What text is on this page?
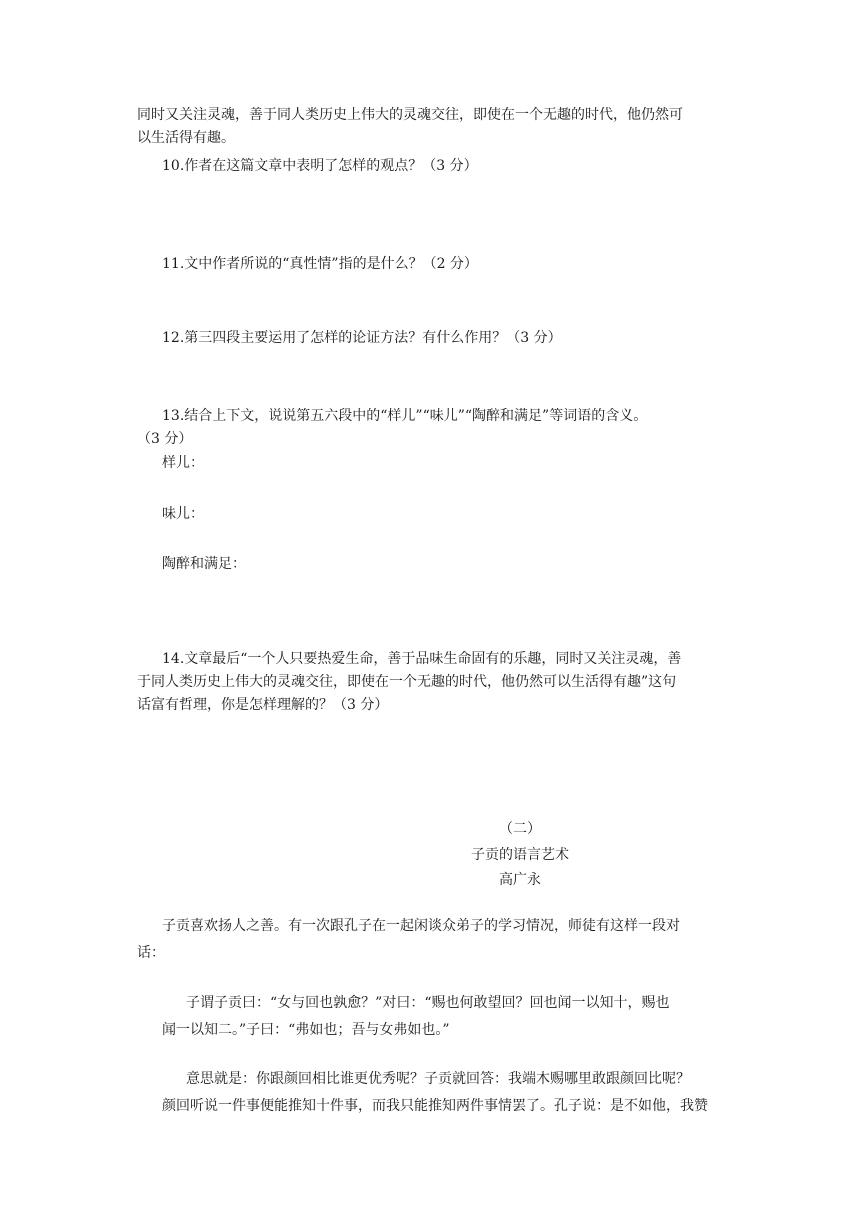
同时又关注灵魂，善于同人类历史上伟大的灵魂交往，即使在一个无趣的时代，他仍然可
以生活得有趣。
10.作者在这篇文章中表明了怎样的观点？（3 分）
11.文中作者所说的“真性情”指的是什么？（2 分）
12.第三四段主要运用了怎样的论证方法？有什么作用？（3 分）
13.结合上下文，说说第五六段中的“样儿”“味儿”“陶醉和满足”等词语的含义。
（3 分）
样儿：
味儿：
陶醉和满足：
14.文章最后“一个人只要热爱生命，善于品味生命固有的乐趣，同时又关注灵魂，善
于同人类历史上伟大的灵魂交往，即使在一个无趣的时代，他仍然可以生活得有趣”这句
话富有哲理，你是怎样理解的？（3 分）
（二）
子贡的语言艺术
高广永
子贡喜欢扬人之善。有一次跟孔子在一起闲谈众弟子的学习情况，师徒有这样一段对
话：
子谓子贡曰：“女与回也孰愈？”对曰：“赐也何敢望回？回也闻一以知十，赐也
闻一以知二。”子曰：“弗如也；吾与女弗如也。”
意思就是：你跟颜回相比谁更优秀呢？子贡就回答：我端木赐哪里敢跟颜回比呢？
颜回听说一件事便能推知十件事，而我只能推知两件事情罢了。孔子说：是不如他，我赞
